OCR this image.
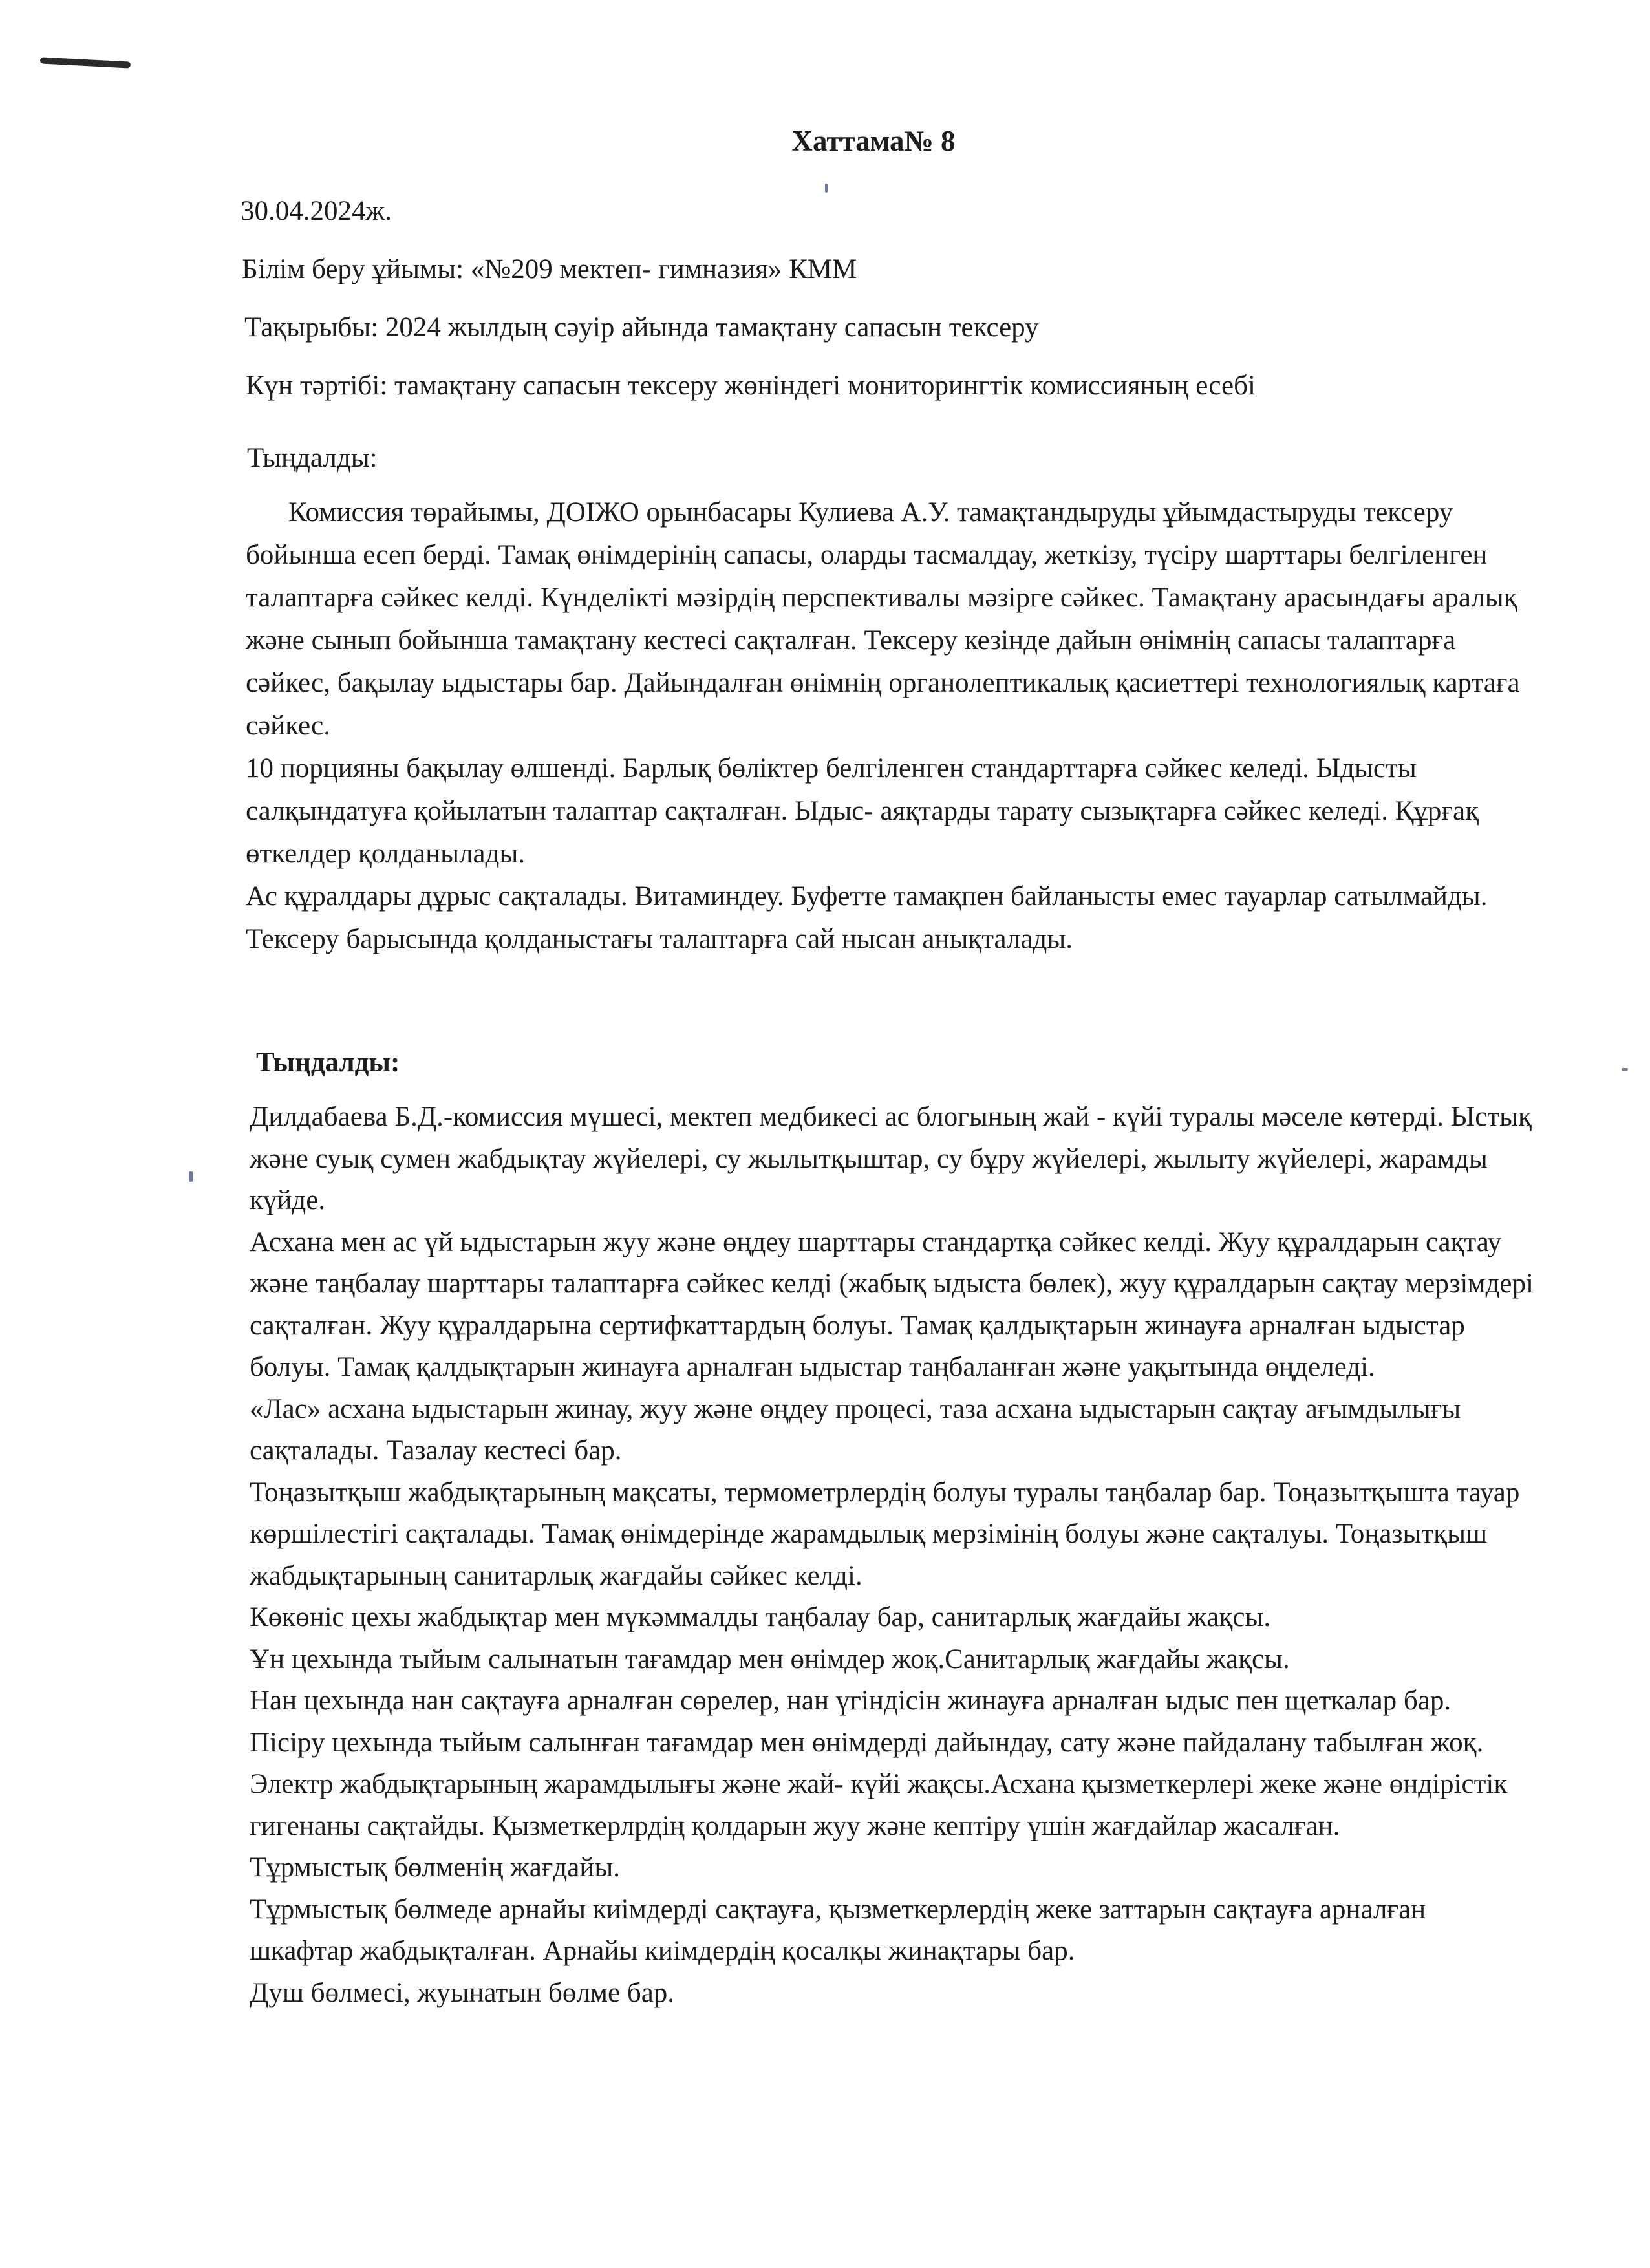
Хаттама№ 8
30.04.2024ж.
Білім беру ұйымы: «№209 мектеп- гимназия» КММ
Тақырыбы: 2024 жылдың сәуір айында тамақтану сапасын тексеру
Күн тәртібі: тамақтану сапасын тексеру жөніндегі мониторингтік комиссияның есебі
Тыңдалды:

Комиссия төрайымы, ДОІЖО орынбасары Кулиева А.У. тамақтандыруды ұйымдастыруды тексеру бойынша есеп берді. Тамақ өнімдерінің сапасы, оларды тасмалдау, жеткізу, түсіру шарттары белгіленген талаптарға сәйкес келді. Күнделікті мәзірдің перспективалы мәзірге сәйкес. Тамақтану арасындағы аралық және сынып бойынша тамақтану кестесі сақталған. Тексеру кезінде дайын өнімнің сапасы талаптарға сәйкес, бақылау ыдыстары бар. Дайындалған өнімнің органолептикалық қасиеттері технологиялық картаға сәйкес.

10 порцияны бақылау өлшенді. Барлық бөліктер белгіленген стандарттарға сәйкес келеді. Ыдысты салқындатуға қойылатын талаптар сақталған. Ыдыс- аяқтарды тарату сызықтарға сәйкес келеді. Құрғақ өткелдер қолданылады.

Ас құралдары дұрыс сақталады. Витаминдеу. Буфетте тамақпен байланысты емес тауарлар сатылмайды. Тексеру барысында қолданыстағы талаптарға сай нысан анықталады.

Тыңдалды:

Дилдабаева Б.Д.-комиссия мүшесі, мектеп медбикесі ас блогының жай - күйі туралы мәселе көтерді. Ыстық және суық сумен жабдықтау жүйелері, су жылытқыштар, су бұру жүйелері, жылыту жүйелері, жарамды күйде.

Асхана мен ас үй ыдыстарын жуу және өңдеу шарттары стандартқа сәйкес келді. Жуу құралдарын сақтау және таңбалау шарттары талаптарға сәйкес келді (жабық ыдыста бөлек), жуу құралдарын сақтау мерзімдері сақталған. Жуу құралдарына сертифкаттардың болуы. Тамақ қалдықтарын жинауға арналған ыдыстар болуы. Тамақ қалдықтарын жинауға арналған ыдыстар таңбаланған және уақытында өңделеді.

«Лас» асхана ыдыстарын жинау, жуу және өңдеу процесі, таза асхана ыдыстарын сақтау ағымдылығы сақталады. Тазалау кестесі бар.

Тоңазытқыш жабдықтарының мақсаты, термометрлердің болуы туралы таңбалар бар. Тоңазытқышта тауар көршілестігі сақталады. Тамақ өнімдерінде жарамдылық мерзімінің болуы және сақталуы. Тоңазытқыш жабдықтарының санитарлық жағдайы сәйкес келді.

Көкөніс цехы жабдықтар мен мүкәммалды таңбалау бар, санитарлық жағдайы жақсы.

Ұн цехында тыйым салынатын тағамдар мен өнімдер жоқ.Санитарлық жағдайы жақсы.

Нан цехында нан сақтауға арналған сөрелер, нан үгіндісін жинауға арналған ыдыс пен щеткалар бар.

Пісіру цехында тыйым салынған тағамдар мен өнімдерді дайындау, сату және пайдалану табылған жоқ. Электр жабдықтарының жарамдылығы және жай- күйі жақсы.Асхана қызметкерлері жеке және өндірістік гигенаны сақтайды. Қызметкерлрдің қолдарын жуу және кептіру үшін жағдайлар жасалған.

Тұрмыстық бөлменің жағдайы.

Тұрмыстық бөлмеде арнайы киімдерді сақтауға, қызметкерлердің жеке заттарын сақтауға арналған шкафтар жабдықталған. Арнайы киімдердің қосалқы жинақтары бар.

Душ бөлмесі, жуынатын бөлме бар.
